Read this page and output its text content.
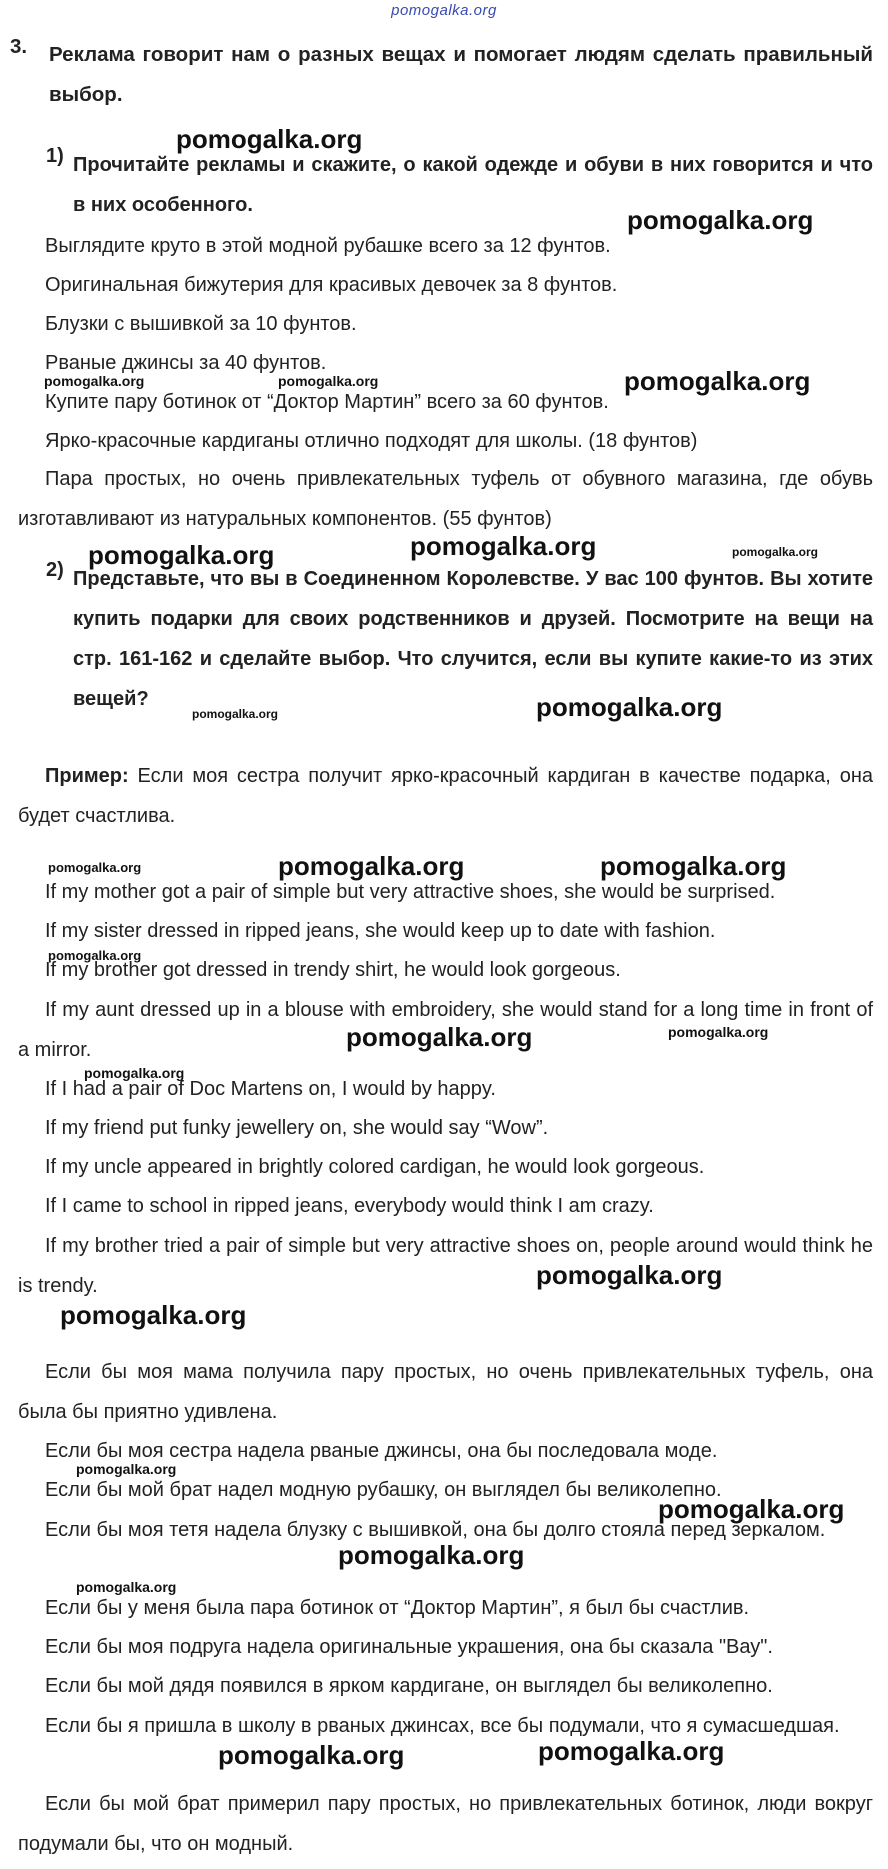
pomogalka.org
3. Реклама говорит нам о разных вещах и помогает людям сделать правильный выбор.
1) Прочитайте рекламы и скажите, о какой одежде и обуви в них говорится и что в них особенного.

Выглядите круто в этой модной рубашке всего за 12 фунтов.

Оригинальная бижутерия для красивых девочек за 8 фунтов.

Блузки с вышивкой за 10 фунтов.

Рваные джинсы за 40 фунтов.

Купите пару ботинок от “Доктор Мартин” всего за 60 фунтов.

Ярко-красочные кардиганы отлично подходят для школы. (18 фунтов)

Пара простых, но очень привлекательных туфель от обувного магазина, где обувь изготавливают из натуральных компонентов. (55 фунтов)

2) Представьте, что вы в Соединенном Королевстве. У вас 100 фунтов. Вы хотите купить подарки для своих родственников и друзей. Посмотрите на вещи на стр. 161-162 и сделайте выбор. Что случится, если вы купите какие-то из этих вещей?

Пример: Если моя сестра получит ярко-красочный кардиган в качестве подарка, она будет счастлива.

If my mother got a pair of simple but very attractive shoes, she would be surprised.

If my sister dressed in ripped jeans, she would keep up to date with fashion.

If my brother got dressed in trendy shirt, he would look gorgeous.

If my aunt dressed up in a blouse with embroidery, she would stand for a long time in front of a mirror.

If I had a pair of Doc Martens on, I would by happy.

If my friend put funky jewellery on, she would say “Wow”.

If my uncle appeared in brightly colored cardigan, he would look gorgeous.

If I came to school in ripped jeans, everybody would think I am crazy.

If my brother tried a pair of simple but very attractive shoes on, people around would think he is trendy.

Если бы моя мама получила пару простых, но очень привлекательных туфель, она была бы приятно удивлена.

Если бы моя сестра надела рваные джинсы, она бы последовала моде.

Если бы мой брат надел модную рубашку, он выглядел бы великолепно.

Если бы моя тетя надела блузку с вышивкой, она бы долго стояла перед зеркалом.

Если бы у меня была пара ботинок от “Доктор Мартин”, я был бы счастлив.

Если бы моя подруга надела оригинальные украшения, она бы сказала "Вау".

Если бы мой дядя появился в ярком кардигане, он выглядел бы великолепно.

Если бы я пришла в школу в рваных джинсах, все бы подумали, что я сумасшедшая.

Если бы мой брат примерил пару простых, но привлекательных ботинок, люди вокруг подумали бы, что он модный.

pomogalka.org
pomogalka.org
pomogalka.org	pomogalka.org	pomogalka.org
pomogalka.org	pomogalka.org	pomogalka.org
pomogalka.org	pomogalka.org
pomogalka.org	pomogalka.org	pomogalka.org
pomogalka.org
pomogalka.org	pomogalka.org
pomogalka.org
pomogalka.org
pomogalka.org
pomogalka.org
pomogalka.org
pomogalka.org
pomogalka.org
pomogalka.org	pomogalka.org
